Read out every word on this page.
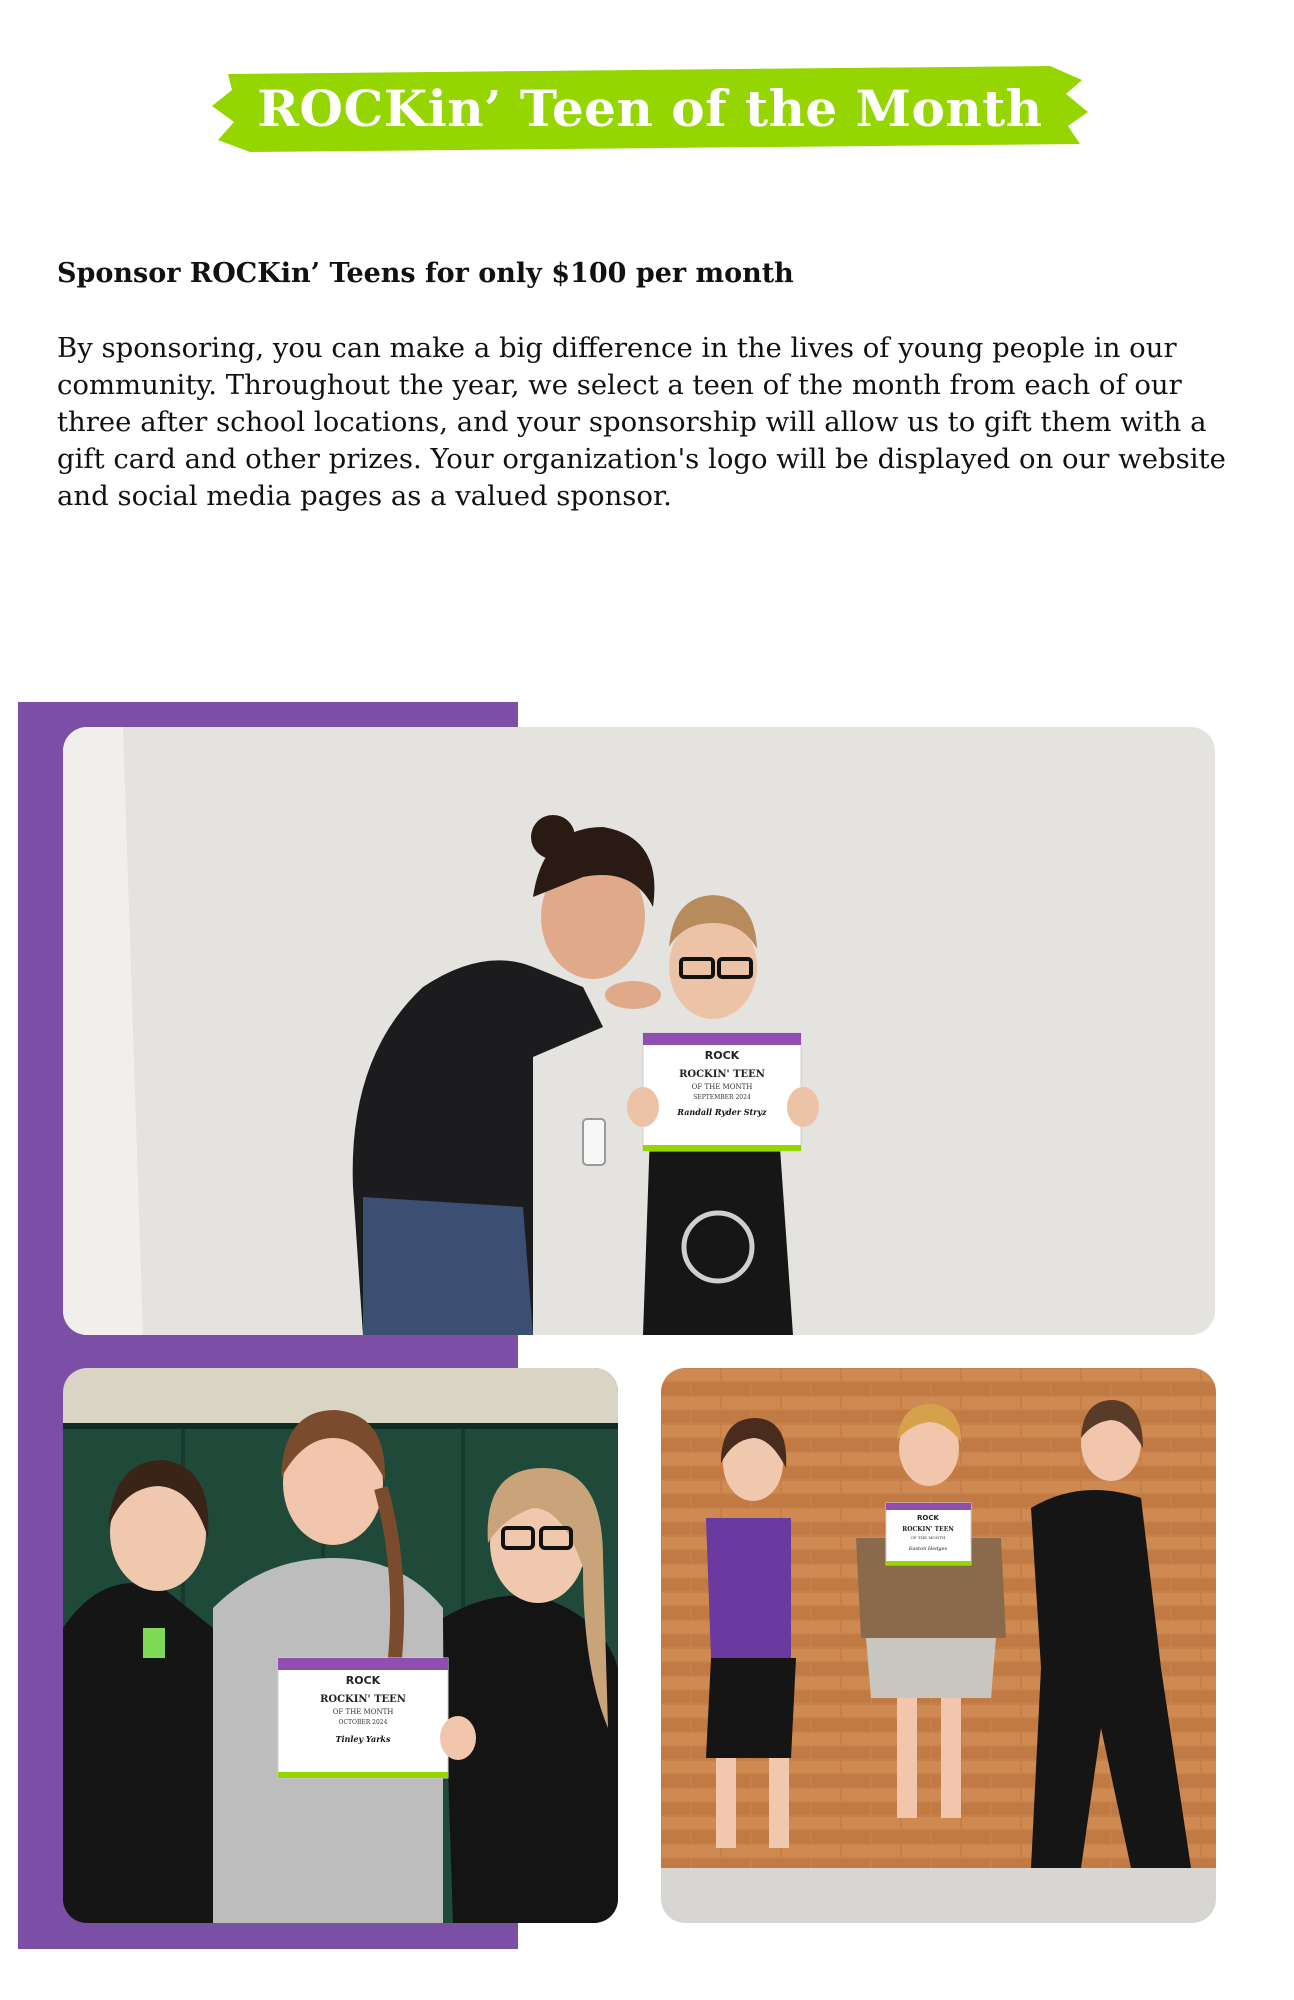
ROCKin’ Teen of the Month
Sponsor ROCKin’ Teens for only $100 per month
By sponsoring, you can make a big difference in the lives of young people in our community. Throughout the year, we select a teen of the month from each of our three after school locations, and your sponsorship will allow us to gift them with a gift card and other prizes. Your organization's logo will be displayed on our website and social media pages as a valued sponsor.
ROCK
ROCKIN' TEEN
OF THE MONTH
SEPTEMBER 2024
Randall Ryder Stryz
ROCK
ROCKIN' TEEN
OF THE MONTH
OCTOBER 2024
Tinley Yarks
ROCK
ROCKIN' TEEN
OF THE MONTH
Easton Hedges
